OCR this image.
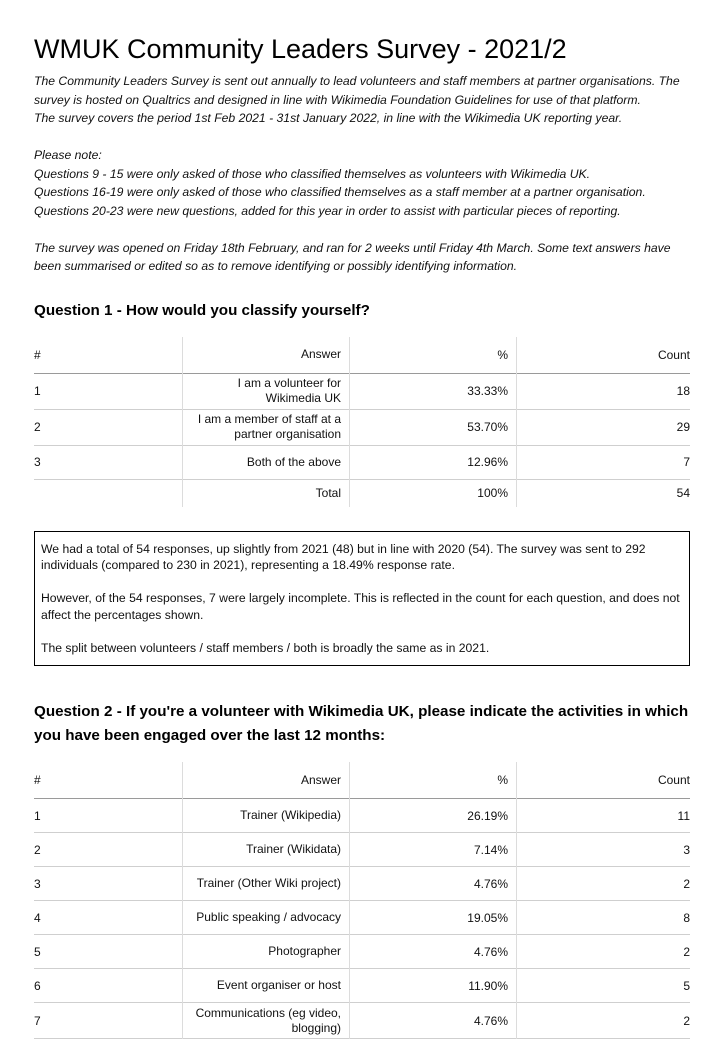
WMUK Community Leaders Survey - 2021/2

The Community Leaders Survey is sent out annually to lead volunteers and staff members at partner organisations. The survey is hosted on Qualtrics and designed in line with Wikimedia Foundation Guidelines for use of that platform.

The survey covers the period 1st Feb 2021 - 31st January 2022, in line with the Wikimedia UK reporting year.

Please note:

Questions 9 - 15 were only asked of those who classified themselves as volunteers with Wikimedia UK.

Questions 16-19 were only asked of those who classified themselves as a staff member at a partner organisation.

Questions 20-23 were new questions, added for this year in order to assist with particular pieces of reporting.

The survey was opened on Friday 18th February, and ran for 2 weeks until Friday 4th March. Some text answers have been summarised or edited so as to remove identifying or possibly identifying information.

Question 1 - How would you classify yourself?
#	Answer	%	Count
1	I am a volunteer for Wikimedia UK	33.33%	18
2	I am a member of staff at a partner organisation	53.70%	29
3	Both of the above	12.96%	7
	Total	100%	54

We had a total of 54 responses, up slightly from 2021 (48) but in line with 2020 (54). The survey was sent to 292 individuals (compared to 230 in 2021), representing a 18.49% response rate.

However, of the 54 responses, 7 were largely incomplete. This is reflected in the count for each question, and does not affect the percentages shown.

The split between volunteers / staff members / both is broadly the same as in 2021.

Question 2 - If you're a volunteer with Wikimedia UK, please indicate the activities in which you have been engaged over the last 12 months:
#	Answer	%	Count
1	Trainer (Wikipedia)	26.19%	11
2	Trainer (Wikidata)	7.14%	3
3	Trainer (Other Wiki project)	4.76%	2
4	Public speaking / advocacy	19.05%	8
5	Photographer	4.76%	2
6	Event organiser or host	11.90%	5
7	Communications (eg video, blogging)	4.76%	2
